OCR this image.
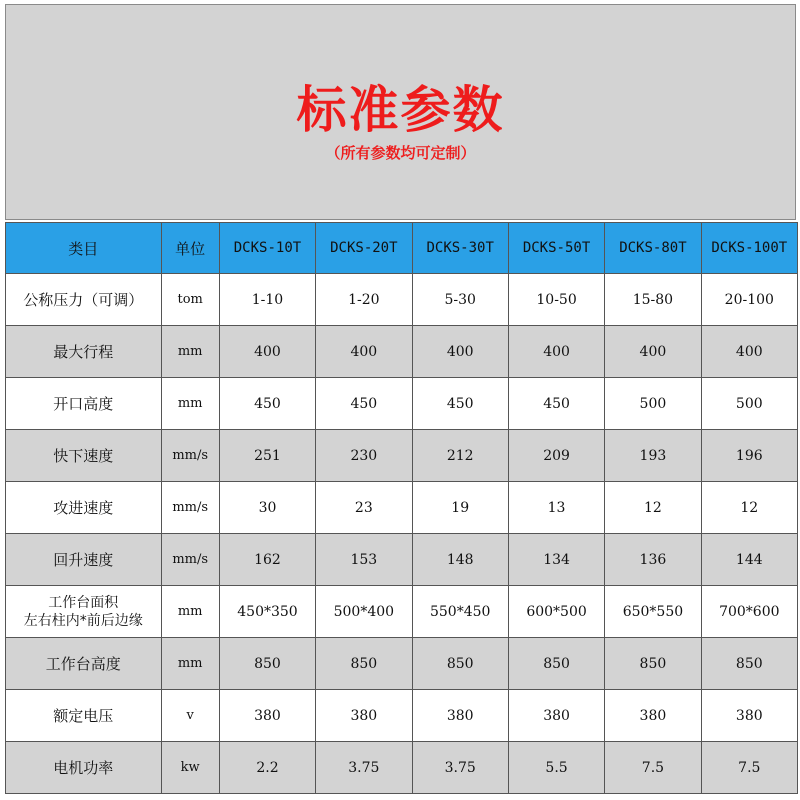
标准参数
（所有参数均可定制）
类目	单位	DCKS-10T	DCKS-20T	DCKS-30T	DCKS-50T	DCKS-80T	DCKS-100T
公称压力（可调）	tom	1-10	1-20	5-30	10-50	15-80	20-100
最大行程	mm	400	400	400	400	400	400
开口高度	mm	450	450	450	450	500	500
快下速度	mm/s	251	230	212	209	193	196
攻进速度	mm/s	30	23	19	13	12	12
回升速度	mm/s	162	153	148	134	136	144

工作台面积
左右柱内*前后边缘	mm	450*350	500*400	550*450	600*500	650*550	700*600
工作台高度	mm	850	850	850	850	850	850
额定电压	v	380	380	380	380	380	380
电机功率	kw	2.2	3.75	3.75	5.5	7.5	7.5
